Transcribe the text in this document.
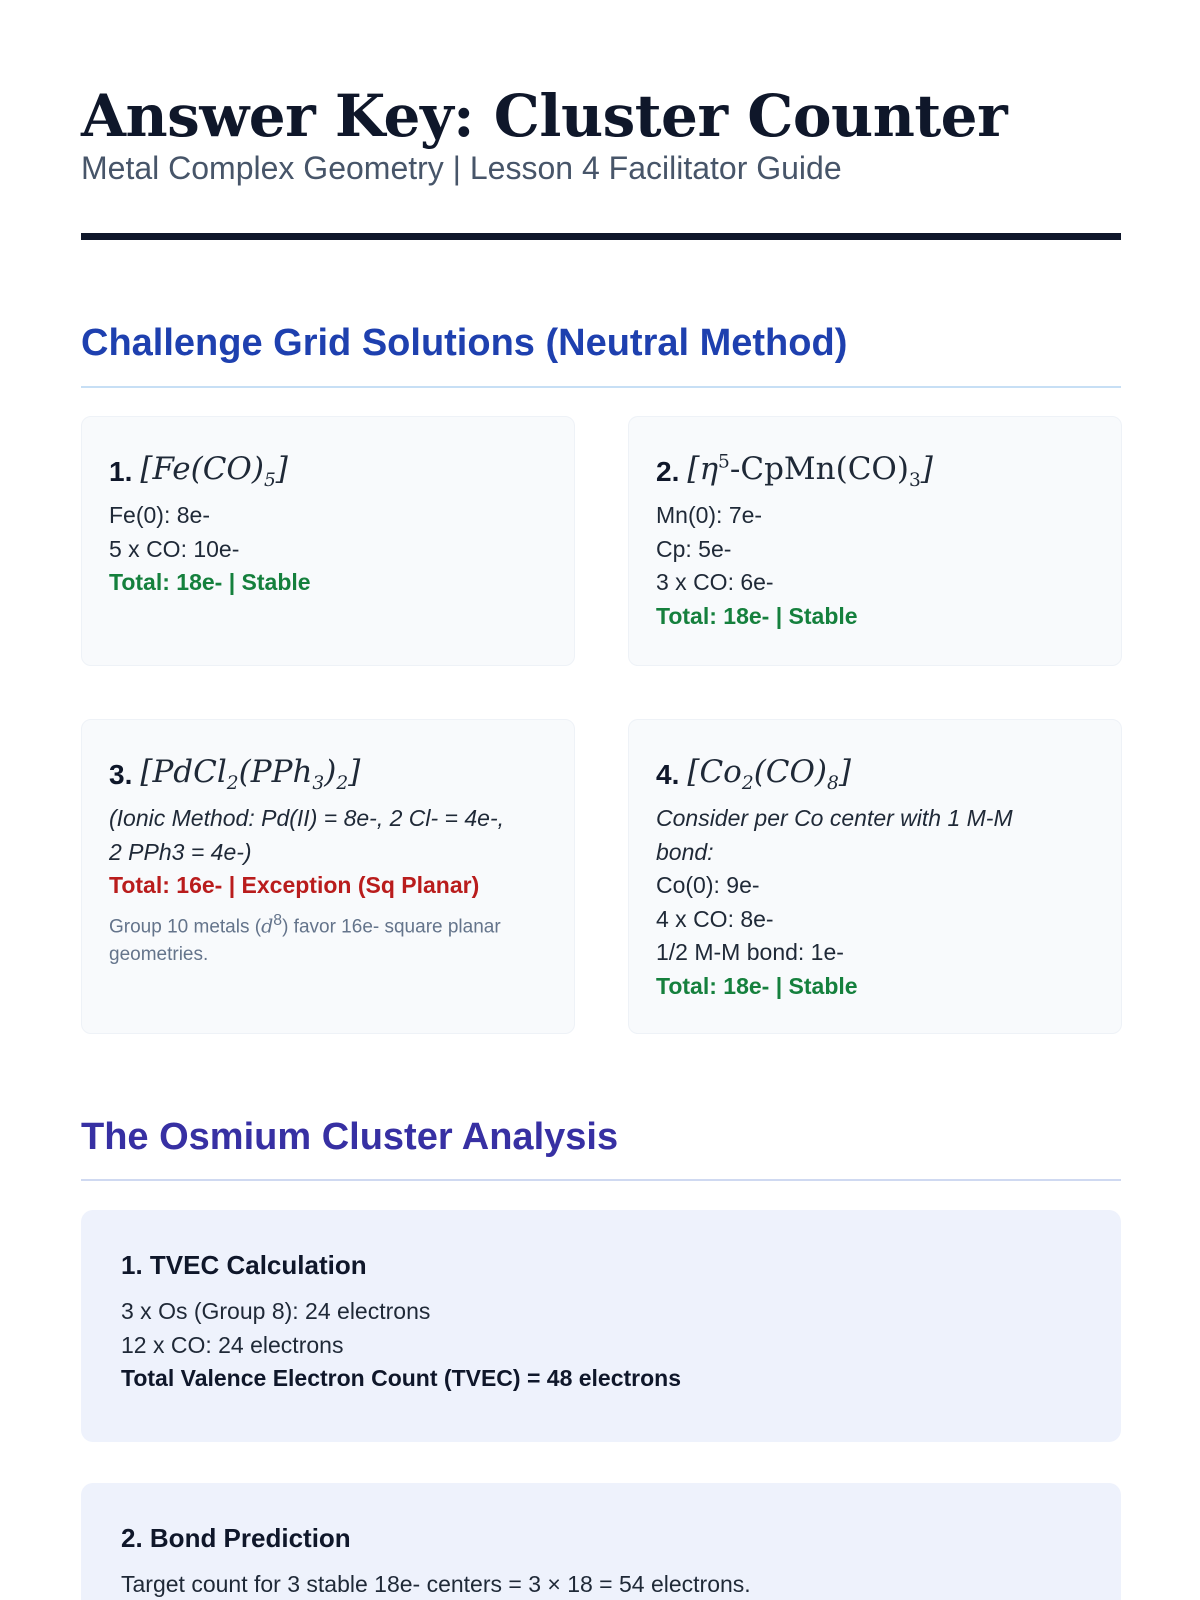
Answer Key: Cluster Counter
Metal Complex Geometry | Lesson 4 Facilitator Guide
Challenge Grid Solutions (Neutral Method)
1. $[Fe(CO)_5]$
Fe(0): 8e-
5 x CO: 10e-
Total: 18e- | Stable
2. $[\eta^5-CpMn(CO)_3]$
Mn(0): 7e-
Cp: 5e-
3 x CO: 6e-
Total: 18e- | Stable
3. $[PdCl_2(PPh_3)_2]$
(Ionic Method: Pd(II) = 8e-, 2 Cl- = 4e-,
2 PPh3 = 4e-)
Total: 16e- | Exception (Sq Planar)
Group 10 metals $(d^8)$ favor 16e- square planar geometries.
4. $[Co_2(CO)_8]$
Consider per Co center with 1 M-M
bond:
Co(0): 9e-
4 x CO: 8e-
1/2 M-M bond: 1e-
Total: 18e- | Stable
The Osmium Cluster Analysis
1. TVEC Calculation
3 x Os (Group 8): 24 electrons
12 x CO: 24 electrons
Total Valence Electron Count (TVEC) = 48 electrons
2. Bond Prediction
Target count for 3 stable 18e- centers = 3 × 18 = 54 electrons.
